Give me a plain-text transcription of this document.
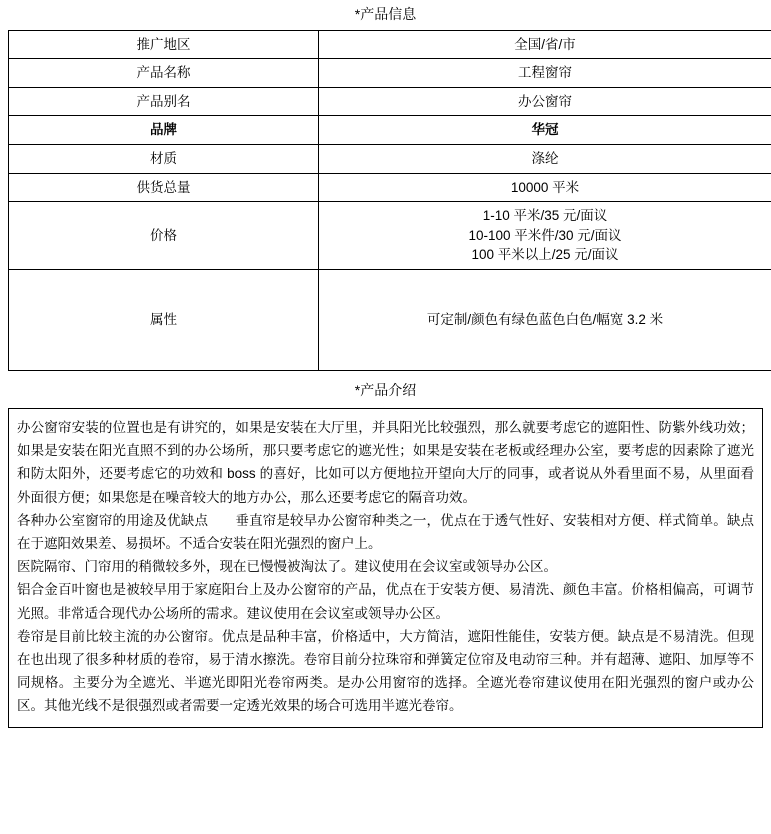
*产品信息
推广地区	全国/省/市
产品名称	工程窗帘
产品别名	办公窗帘
品牌	华冠
材质	涤纶
供货总量	10000 平米
价格	1-10 平米/35 元/面议
10-100 平米件/30 元/面议
100 平米以上/25 元/面议

属性	可定制/颜色有绿色蓝色白色/幅宽 3.2 米
*产品介绍

办公窗帘安装的位置也是有讲究的，如果是安装在大厅里，并具阳光比较强烈，那么就要考虑它的遮阳性、防紫外线功效；如果是安装在阳光直照不到的办公场所，那只要考虑它的遮光性；如果是安装在老板或经理办公室，要考虑的因素除了遮光和防太阳外，还要考虑它的功效和 boss 的喜好，比如可以方便地拉开望向大厅的同事，或者说从外看里面不易，从里面看外面很方便；如果您是在噪音较大的地方办公，那么还要考虑它的隔音功效。

各种办公室窗帘的用途及优缺点　　垂直帘是较早办公窗帘种类之一，优点在于透气性好、安装相对方便、样式简单。缺点在于遮阳效果差、易损坏。不适合安装在阳光强烈的窗户上。

医院隔帘、门帘用的稍微较多外，现在已慢慢被淘汰了。建议使用在会议室或领导办公区。

铝合金百叶窗也是被较早用于家庭阳台上及办公窗帘的产品，优点在于安装方便、易清洗、颜色丰富。价格相偏高，可调节光照。非常适合现代办公场所的需求。建议使用在会议室或领导办公区。

卷帘是目前比较主流的办公窗帘。优点是品种丰富，价格适中，大方简洁，遮阳性能佳，安装方便。缺点是不易清洗。但现在也出现了很多种材质的卷帘，易于清水擦洗。卷帘目前分拉珠帘和弹簧定位帘及电动帘三种。并有超薄、遮阳、加厚等不同规格。主要分为全遮光、半遮光即阳光卷帘两类。是办公用窗帘的选择。全遮光卷帘建议使用在阳光强烈的窗户或办公区。其他光线不是很强烈或者需要一定透光效果的场合可选用半遮光卷帘。
